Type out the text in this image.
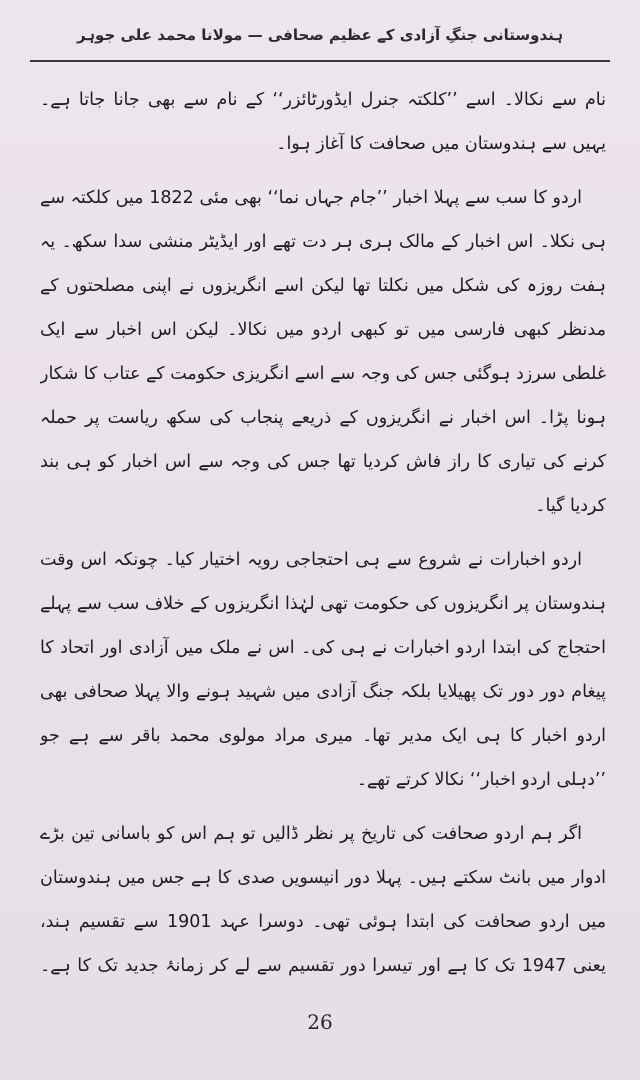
ہندوستانی جنگِ آزادی کے عظیم صحافی — مولانا محمد علی جوہر

نام سے نکالا۔ اسے ’’کلکتہ جنرل ایڈورٹائزر‘‘ کے نام سے بھی جانا جاتا ہے۔ یہیں سے ہندوستان میں صحافت کا آغاز ہوا۔

اردو کا سب سے پہلا اخبار ’’جام جہاں نما‘‘ بھی مئی 1822 میں کلکتہ سے ہی نکلا۔ اس اخبار کے مالک ہری ہر دت تھے اور ایڈیٹر منشی سدا سکھ۔ یہ ہفت روزہ کی شکل میں نکلتا تھا لیکن اسے انگریزوں نے اپنی مصلحتوں کے مدنظر کبھی فارسی میں تو کبھی اردو میں نکالا۔ لیکن اس اخبار سے ایک غلطی سرزد ہوگئی جس کی وجہ سے اسے انگریزی حکومت کے عتاب کا شکار ہونا پڑا۔ اس اخبار نے انگریزوں کے ذریعے پنجاب کی سکھ ریاست پر حملہ کرنے کی تیاری کا راز فاش کردیا تھا جس کی وجہ سے اس اخبار کو ہی بند کردیا گیا۔

اردو اخبارات نے شروع سے ہی احتجاجی رویہ اختیار کیا۔ چونکہ اس وقت ہندوستان پر انگریزوں کی حکومت تھی لہٰذا انگریزوں کے خلاف سب سے پہلے احتجاج کی ابتدا اردو اخبارات نے ہی کی۔ اس نے ملک میں آزادی اور اتحاد کا پیغام دور دور تک پھیلایا بلکہ جنگ آزادی میں شہید ہونے والا پہلا صحافی بھی اردو اخبار کا ہی ایک مدیر تھا۔ میری مراد مولوی محمد باقر سے ہے جو ’’دہلی اردو اخبار‘‘ نکالا کرتے تھے۔

اگر ہم اردو صحافت کی تاریخ پر نظر ڈالیں تو ہم اس کو باسانی تین بڑے ادوار میں بانٹ سکتے ہیں۔ پہلا دور انیسویں صدی کا ہے جس میں ہندوستان میں اردو صحافت کی ابتدا ہوئی تھی۔ دوسرا عہد 1901 سے تقسیم ہند، یعنی 1947 تک کا ہے اور تیسرا دور تقسیم سے لے کر زمانۂ جدید تک کا ہے۔

26
